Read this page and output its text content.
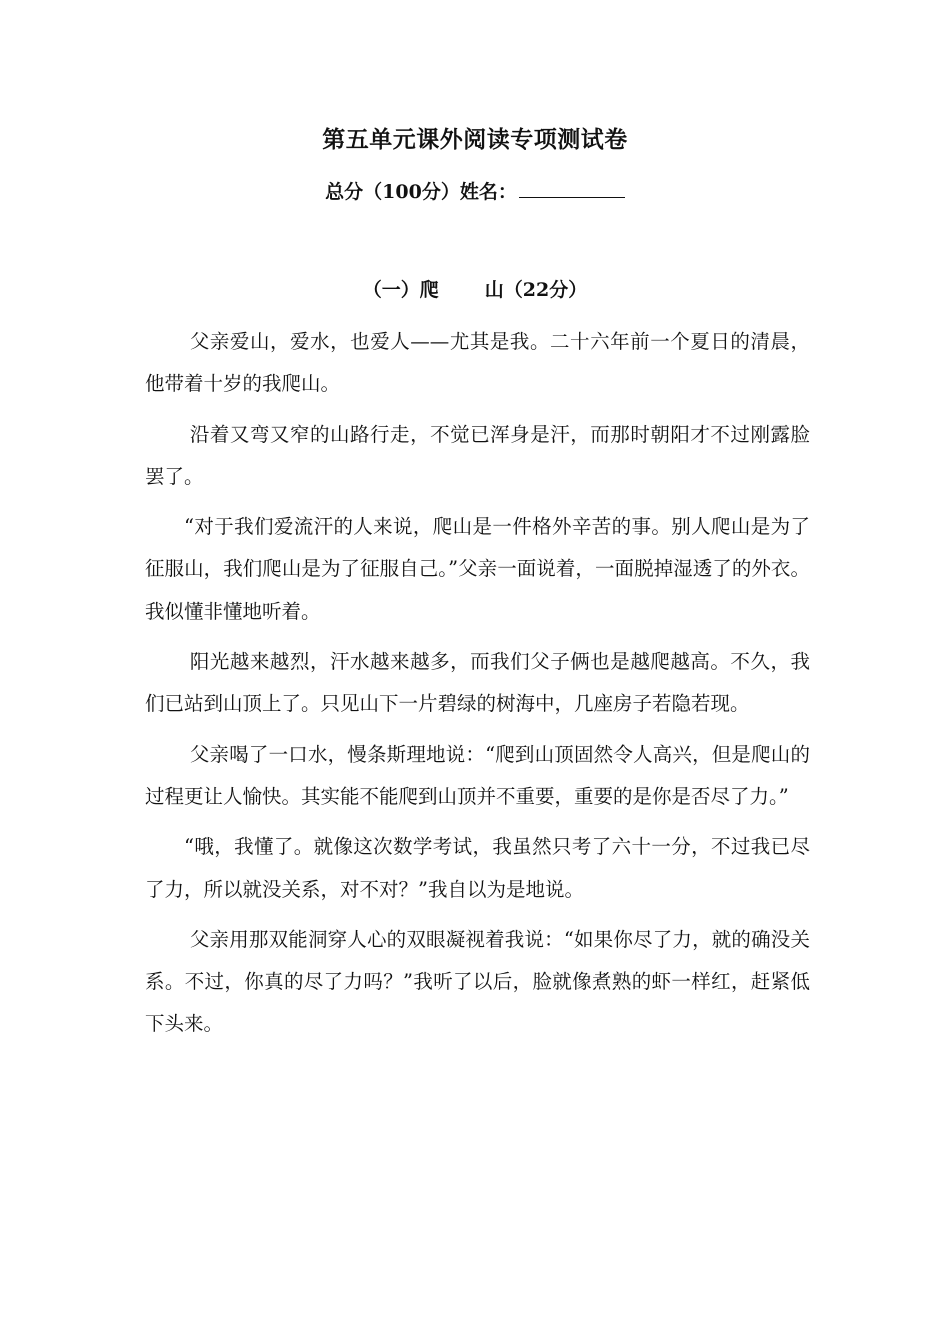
第五单元课外阅读专项测试卷
总分（100分）姓名：
（一）爬 山（22分）

父亲爱山，爱水，也爱人——尤其是我。二十六年前一个夏日的清晨，他带着十岁的我爬山。

沿着又弯又窄的山路行走，不觉已浑身是汗，而那时朝阳才不过刚露脸罢了。

“对于我们爱流汗的人来说，爬山是一件格外辛苦的事。别人爬山是为了征服山，我们爬山是为了征服自己。”父亲一面说着，一面脱掉湿透了的外衣。我似懂非懂地听着。

阳光越来越烈，汗水越来越多，而我们父子俩也是越爬越高。不久，我们已站到山顶上了。只见山下一片碧绿的树海中，几座房子若隐若现。

父亲喝了一口水，慢条斯理地说：“爬到山顶固然令人高兴，但是爬山的过程更让人愉快。其实能不能爬到山顶并不重要，重要的是你是否尽了力。”

“哦，我懂了。就像这次数学考试，我虽然只考了六十一分，不过我已尽了力，所以就没关系，对不对？”我自以为是地说。

父亲用那双能洞穿人心的双眼凝视着我说：“如果你尽了力，就的确没关系。不过，你真的尽了力吗？”我听了以后，脸就像煮熟的虾一样红，赶紧低下头来。
